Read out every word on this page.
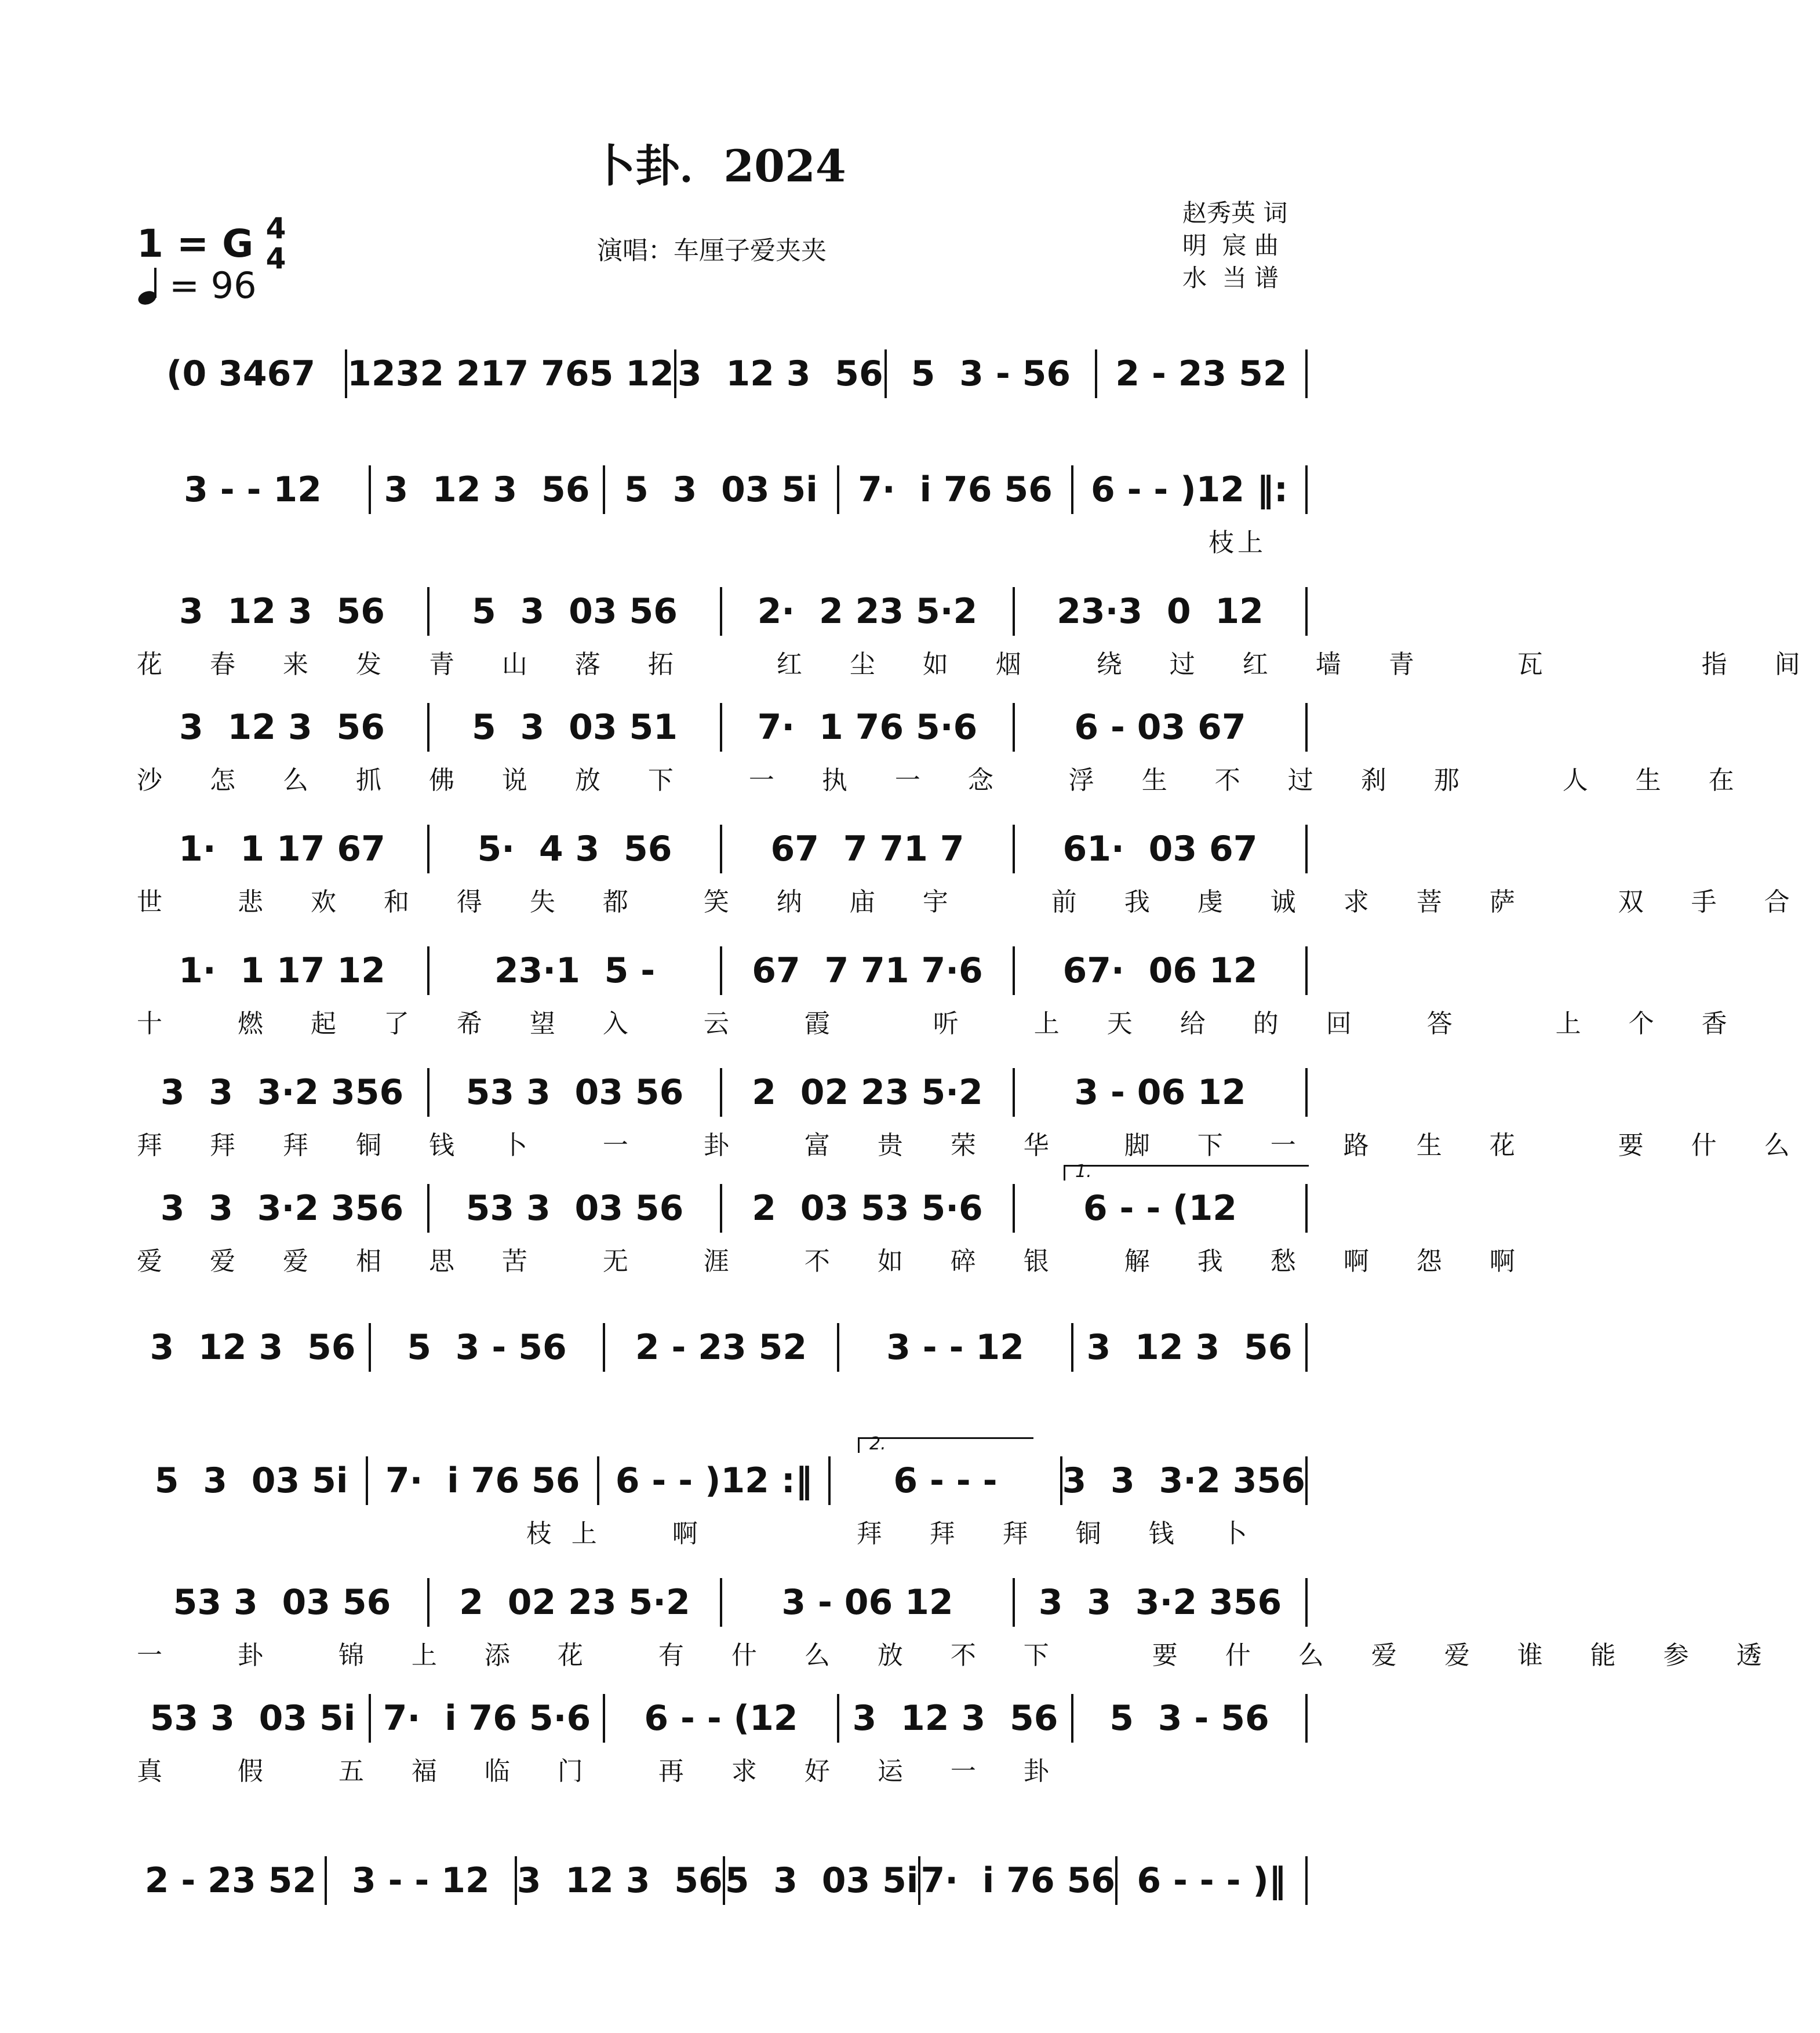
卜卦．2024
1 = G 4
4
= 96
演唱：车厘子爱夹夹
赵秀英 词
明  宸 曲
水  当 谱
(0 3467 1232 217 765 12 3  12 3  56 5  3 - 56	2 - 23 52
3 - - 12	3  12 3  56 5  3  03 5i	7·  i 76 56	6 - - )12 ‖:
枝上
3  12 3  56	5  3  03 56	2·  2 23 5·2	23·3  0  12
花 春 来 发 青 山 落 拓   红 尘 如 烟  绕 过 红 墙 青   瓦     指 间
3  12 3  56	5  3  03 51	7·  1 76 5·6	6 - 03 67
沙 怎 么 抓 佛 说 放 下  一 执 一 念  浮 生 不 过 刹 那   人 生 在
1·  1 17 67	5·  4 3  56	67  7 71 7	61·  03 67
世  悲 欢 和 得 失 都  笑 纳 庙 宇   前 我 虔 诚 求 菩 萨   双 手 合
1·  1 17 12	23·1  5 -	67  7 71 7·6	67·  06 12
十  燃 起 了 希 望 入  云  霞   听  上 天 给 的 回  答   上 个 香
3  3  3·2 356	53 3  03 56	2  02 23 5·2	3 - 06 12
拜 拜 拜 铜 钱 卜  一  卦  富 贵 荣 华  脚 下 一 路 生 花   要 什 么
3  3  3·2 356	53 3  03 56	2  03 53 5·6	6 - - (12
1.
爱 爱 爱 相 思 苦  无  涯  不 如 碎 银  解 我 愁 啊 怨 啊
3  12 3  56	5  3 - 56	2 - 23 52	3 - - 12	3  12 3  56
5  3  03 5i	7·  i 76 56	6 - - )12 :‖	6 - - -	3  3  3·2 356
2.
枝上  啊     拜 拜 拜 铜 钱 卜
53 3  03 56	2  02 23 5·2	3 - 06 12	3  3  3·2 356
一  卦  锦 上 添 花  有 什 么 放 不 下   要 什 么 爱 爱 谁 能 参 透
53 3  03 5i 7·  i 76 5·6	6 - - (12	3  12 3  56	5  3 - 56
真  假  五 福 临 门  再 求 好 运 一 卦
2 - 23 52	3 - - 12 3  12 3  56 5  3  03 5i 7·  i 76 56 6 - - - )‖
